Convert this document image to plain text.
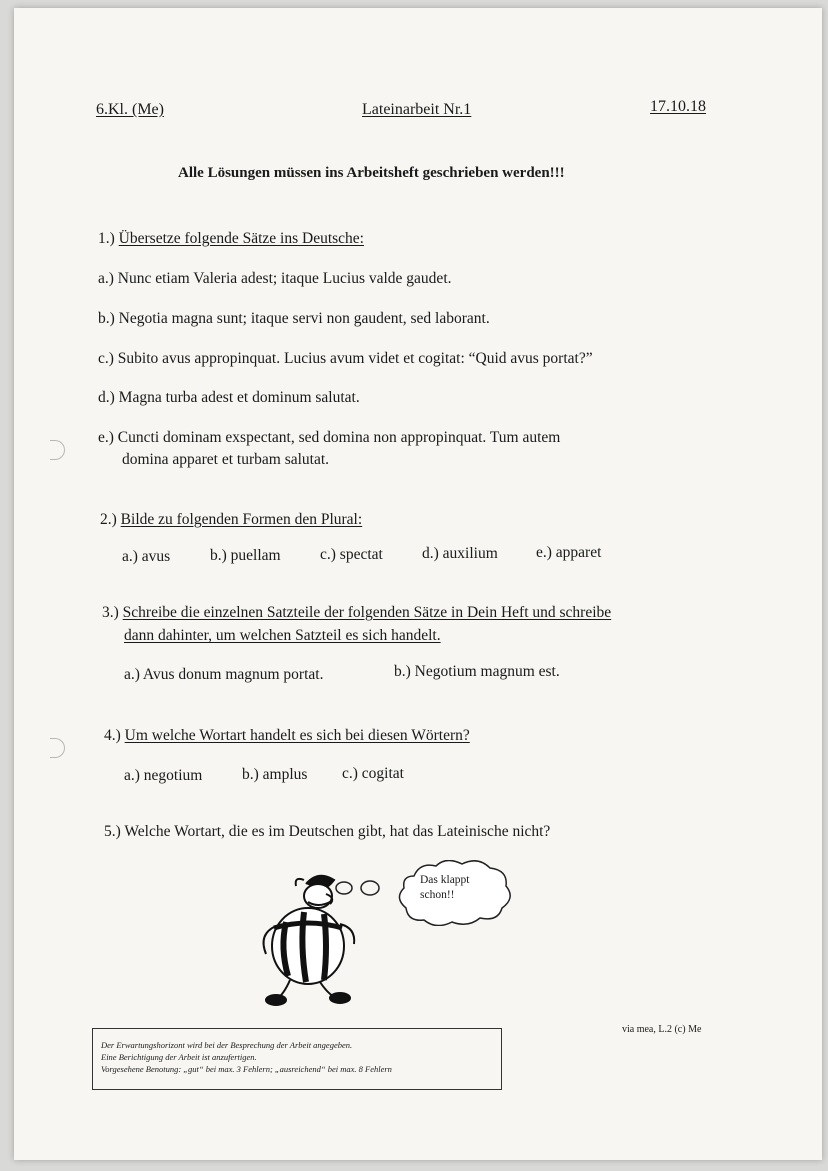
6.Kl. (Me)	Lateinarbeit Nr.1	17.10.18
Alle Lösungen müssen ins Arbeitsheft geschrieben werden!!!
1.) Übersetze folgende Sätze ins Deutsche:
a.) Nunc etiam Valeria adest; itaque Lucius valde gaudet.
b.) Negotia magna sunt; itaque servi non gaudent, sed laborant.
c.) Subito avus appropinquat. Lucius avum videt et cogitat: “Quid avus portat?”
d.) Magna turba adest et dominum salutat.
e.) Cuncti dominam exspectant, sed domina non appropinquat. Tum autem
domina apparet et turbam salutat.
2.) Bilde zu folgenden Formen den Plural:
a.) avus	b.) puellam	c.) spectat	d.) auxilium e.) apparet
3.) Schreibe die einzelnen Satzteile der folgenden Sätze in Dein Heft und schreibe
dann dahinter, um welchen Satzteil es sich handelt.
a.) Avus donum magnum portat.	b.) Negotium magnum est.
4.) Um welche Wortart handelt es sich bei diesen Wörtern?
a.) negotium	b.) amplus c.) cogitat
5.) Welche Wortart, die es im Deutschen gibt, hat das Lateinische nicht?
Das klappt
schon!!
via mea, L.2 (c) Me
Der Erwartungshorizont wird bei der Besprechung der Arbeit angegeben.
Eine Berichtigung der Arbeit ist anzufertigen.
Vorgesehene Benotung: „gut“ bei max. 3 Fehlern; „ausreichend“ bei max. 8 Fehlern
